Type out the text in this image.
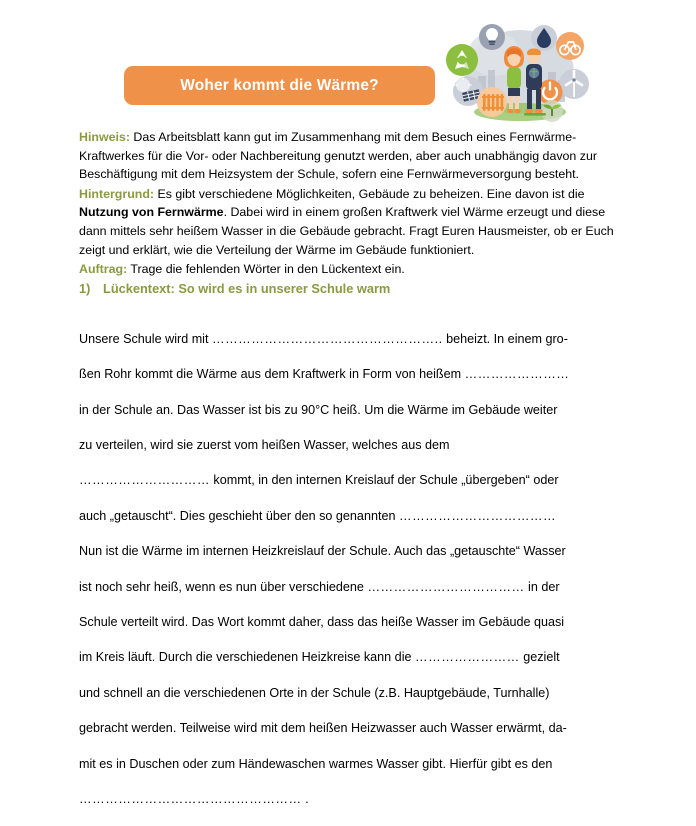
Woher kommt die Wärme?

Hinweis: Das Arbeitsblatt kann gut im Zusammenhang mit dem Besuch eines Fernwärme-Kraftwerkes für die Vor- oder Nachbereitung genutzt werden, aber auch unabhängig davon zur Beschäftigung mit dem Heizsystem der Schule, sofern eine Fernwärmeversorgung besteht.

Hintergrund: Es gibt verschiedene Möglichkeiten, Gebäude zu beheizen. Eine davon ist die Nutzung von Fernwärme. Dabei wird in einem großen Kraftwerk viel Wärme erzeugt und diese dann mittels sehr heißem Wasser in die Gebäude gebracht. Fragt Euren Hausmeister, ob er Euch zeigt und erklärt, wie die Verteilung der Wärme im Gebäude funktioniert.

Auftrag: Trage die fehlenden Wörter in den Lückentext ein.

1) Lückentext: So wird es in unserer Schule warm

Unsere Schule wird mit …………………………………………….. beheizt. In einem gro-

ßen Rohr kommt die Wärme aus dem Kraftwerk in Form von heißem ……………………

in der Schule an. Das Wasser ist bis zu 90°C heiß. Um die Wärme im Gebäude weiter

zu verteilen, wird sie zuerst vom heißen Wasser, welches aus dem

………………………… kommt, in den internen Kreislauf der Schule „übergeben“ oder

auch „getauscht“. Dies geschieht über den so genannten ………………………………

Nun ist die Wärme im internen Heizkreislauf der Schule. Auch das „getauschte“ Wasser

ist noch sehr heiß, wenn es nun über verschiedene ……………………………… in der

Schule verteilt wird. Das Wort kommt daher, dass das heiße Wasser im Gebäude quasi

im Kreis läuft. Durch die verschiedenen Heizkreise kann die …………………… gezielt

und schnell an die verschiedenen Orte in der Schule (z.B. Hauptgebäude, Turnhalle)

gebracht werden. Teilweise wird mit dem heißen Heizwasser auch Wasser erwärmt, da-

mit es in Duschen oder zum Händewaschen warmes Wasser gibt. Hierfür gibt es den

…………………………………………… .
